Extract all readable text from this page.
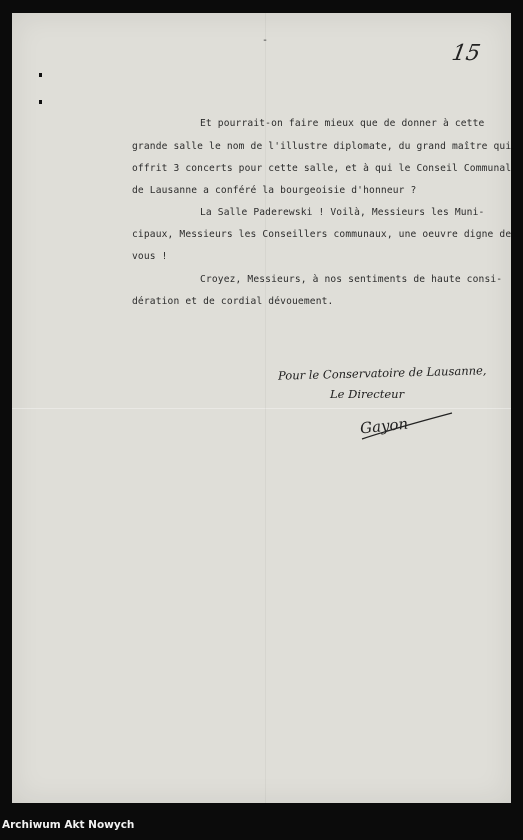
-
15
Et pourrait-on faire mieux que de donner à cette
grande salle le nom de l'illustre diplomate, du grand maître qui
offrit 3 concerts pour cette salle, et à qui le Conseil Communal
de Lausanne a conféré la bourgeoisie d'honneur ?
La Salle Paderewski ! Voilà, Messieurs les Muni-
cipaux, Messieurs les Conseillers communaux, une oeuvre digne de
vous !
Croyez, Messieurs, à nos sentiments de haute consi-
dération et de cordial dévouement.
Pour le Conservatoire de Lausanne,
Le Directeur
Gayon
Archiwum Akt Nowych
